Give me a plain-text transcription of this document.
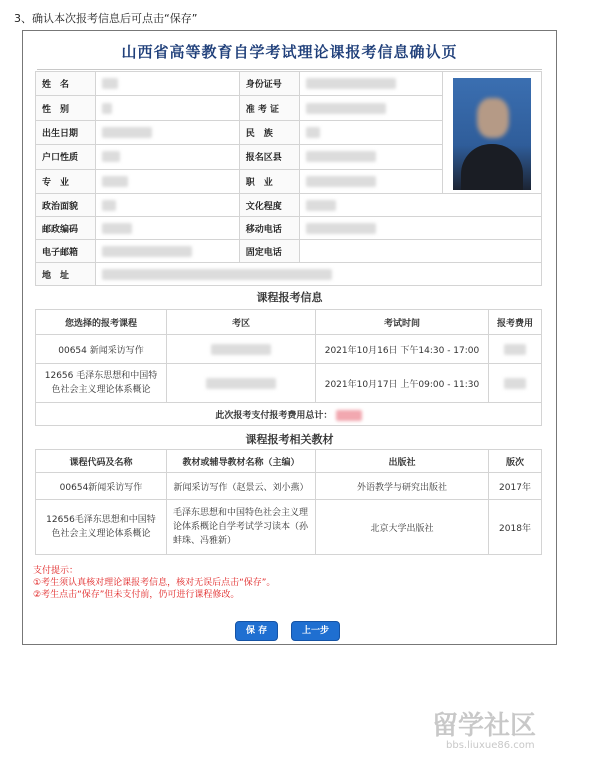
3、确认本次报考信息后可点击“保存”
山西省高等教育自学考试理论课报考信息确认页
姓　名		身份证号		

性　别		准 考 证		
出生日期		民　族		
户口性质		报名区县		
专　业		职　业		
政治面貌		文化程度		
邮政编码		移动电话		
电子邮箱		固定电话		
地　址				
课程报考信息
您选择的报考课程	考区	考试时间	报考费用
00654 新闻采访写作		2021年10月16日 下午14:30 - 17:00	
12656 毛泽东思想和中国特色社会主义理论体系概论		2021年10月17日 上午09:00 - 11:30	
此次报考支付报考费用总计：			
课程报考相关教材
课程代码及名称	教材或辅导教材名称（主编）	出版社	版次
00654新闻采访写作	新闻采访写作（赵景云、刘小燕）	外语教学与研究出版社	2017年
12656毛泽东思想和中国特色社会主义理论体系概论	毛泽东思想和中国特色社会主义理论体系概论自学考试学习读本（孙蚌珠、冯雅新）	北京大学出版社	2018年
支付提示：
①考生须认真核对理论课报考信息，核对无误后点击“保存”。
②考生点击“保存”但未支付前，仍可进行课程修改。
保 存	上一步
留学社区
bbs.liuxue86.com
